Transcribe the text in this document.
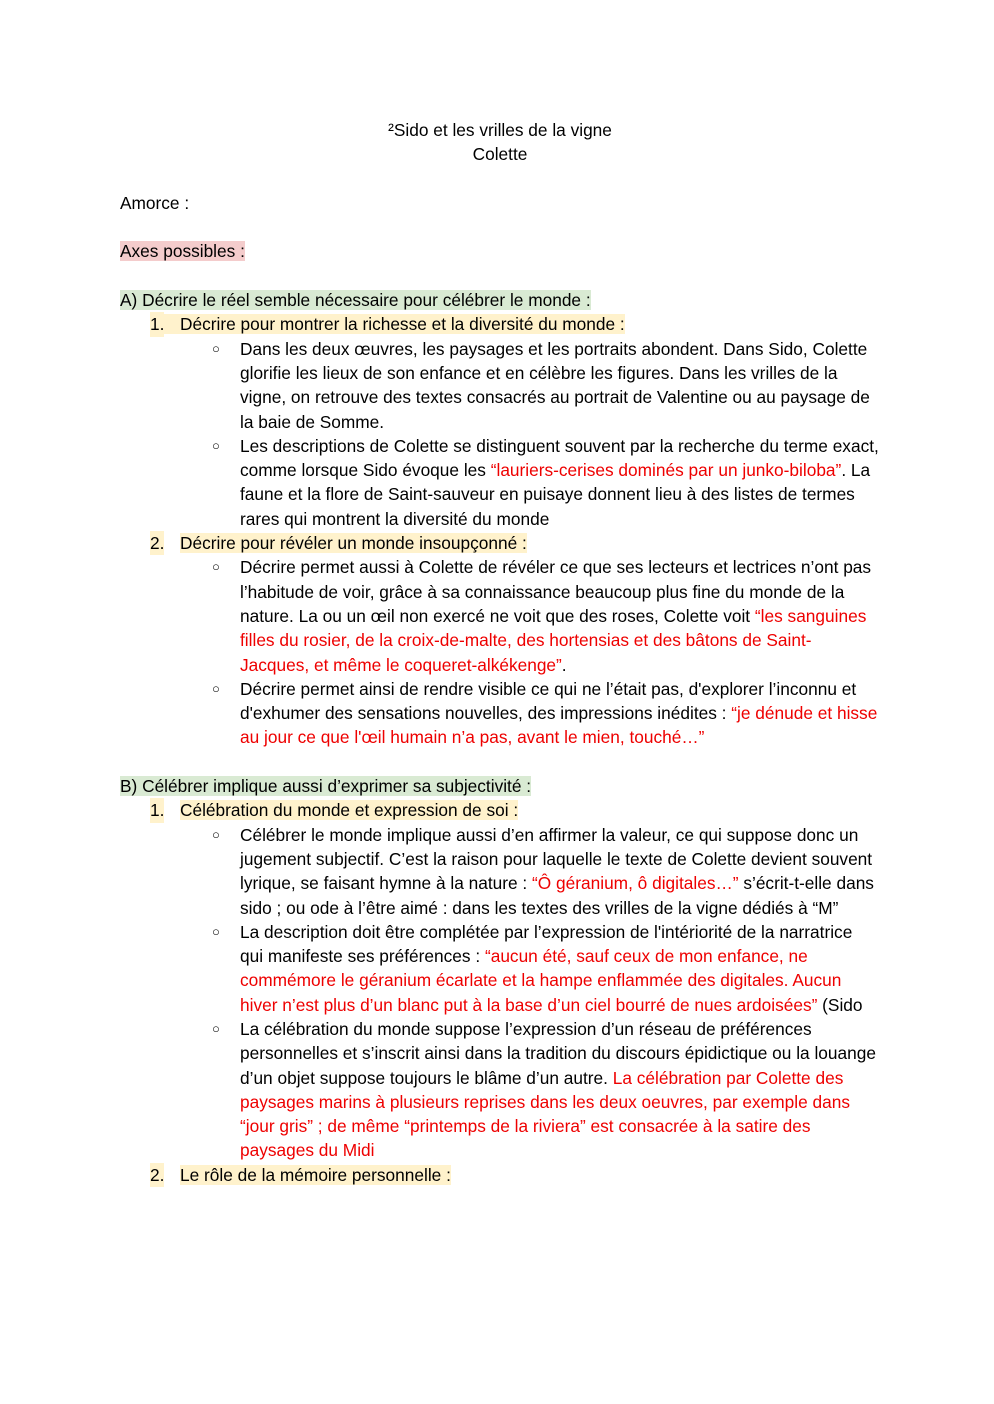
²Sido et les vrilles de la vigne
Colette
Amorce :
Axes possibles :
A) Décrire le réel semble nécessaire pour célébrer le monde :
1. Décrire pour montrer la richesse et la diversité du monde :
○ Dans les deux œuvres, les paysages et les portraits abondent. Dans Sido, Colette glorifie les lieux de son enfance et en célèbre les figures. Dans les vrilles de la vigne, on retrouve des textes consacrés au portrait de Valentine ou au paysage de la baie de Somme.
○ Les descriptions de Colette se distinguent souvent par la recherche du terme exact, comme lorsque Sido évoque les “lauriers-cerises dominés par un junko-biloba”. La faune et la flore de Saint-sauveur en puisaye donnent lieu à des listes de termes rares qui montrent la diversité du monde
2. Décrire pour révéler un monde insoupçonné :
○ Décrire permet aussi à Colette de révéler ce que ses lecteurs et lectrices n’ont pas l’habitude de voir, grâce à sa connaissance beaucoup plus fine du monde de la nature. La ou un œil non exercé ne voit que des roses, Colette voit “les sanguines filles du rosier, de la croix-de-malte, des hortensias et des bâtons de Saint-Jacques, et même le coqueret-alkékenge”.
○ Décrire permet ainsi de rendre visible ce qui ne l’était pas, d'explorer l’inconnu et d'exhumer des sensations nouvelles, des impressions inédites : “je dénude et hisse au jour ce que l'œil humain n’a pas, avant le mien, touché…”
B) Célébrer implique aussi d’exprimer sa subjectivité :
1. Célébration du monde et expression de soi :
○ Célébrer le monde implique aussi d’en affirmer la valeur, ce qui suppose donc un jugement subjectif. C’est la raison pour laquelle le texte de Colette devient souvent lyrique, se faisant hymne à la nature : “Ô géranium, ô digitales…” s’écrit-t-elle dans sido ; ou ode à l’être aimé : dans les textes des vrilles de la vigne dédiés à “M”
○ La description doit être complétée par l’expression de l'intériorité de la narratrice qui manifeste ses préférences : “aucun été, sauf ceux de mon enfance, ne commémore le géranium écarlate et la hampe enflammée des digitales. Aucun hiver n’est plus d’un blanc put à la base d’un ciel bourré de nues ardoisées” (Sido
○ La célébration du monde suppose l’expression d’un réseau de préférences personnelles et s’inscrit ainsi dans la tradition du discours épidictique ou la louange d’un objet suppose toujours le blâme d’un autre. La célébration par Colette des paysages marins à plusieurs reprises dans les deux oeuvres, par exemple dans “jour gris” ; de même “printemps de la riviera” est consacrée à la satire des paysages du Midi
2. Le rôle de la mémoire personnelle :
